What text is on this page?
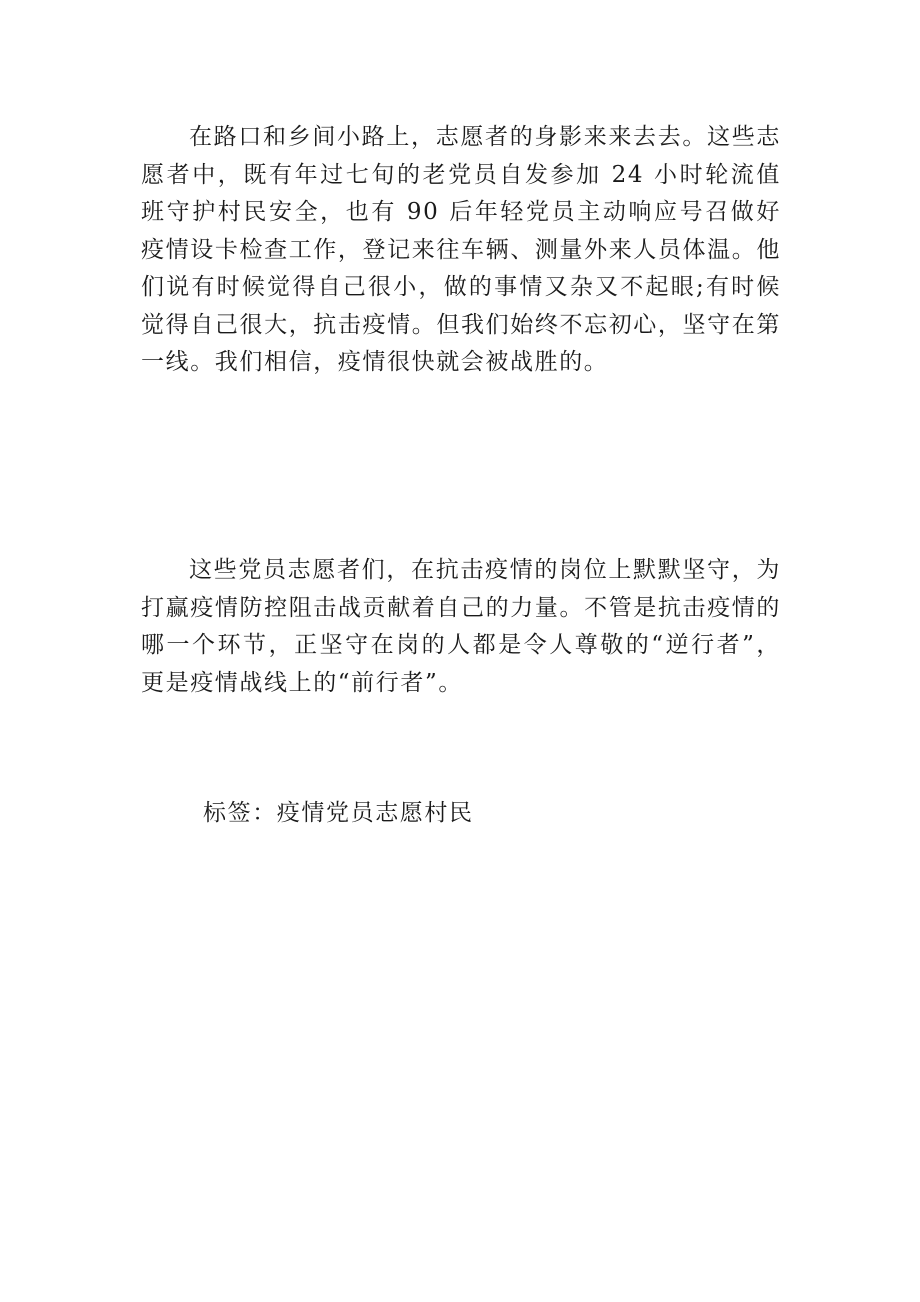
在路口和乡间小路上，志愿者的身影来来去去。这些志愿者中，既有年过七旬的老党员自发参加 24 小时轮流值班守护村民安全，也有 90 后年轻党员主动响应号召做好疫情设卡检查工作，登记来往车辆、测量外来人员体温。他们说有时候觉得自己很小，做的事情又杂又不起眼;有时候觉得自己很大，抗击疫情。但我们始终不忘初心，坚守在第一线。我们相信，疫情很快就会被战胜的。

这些党员志愿者们，在抗击疫情的岗位上默默坚守，为打赢疫情防控阻击战贡献着自己的力量。不管是抗击疫情的哪一个环节，正坚守在岗的人都是令人尊敬的“逆行者”，更是疫情战线上的“前行者”。

标签：疫情党员志愿村民
